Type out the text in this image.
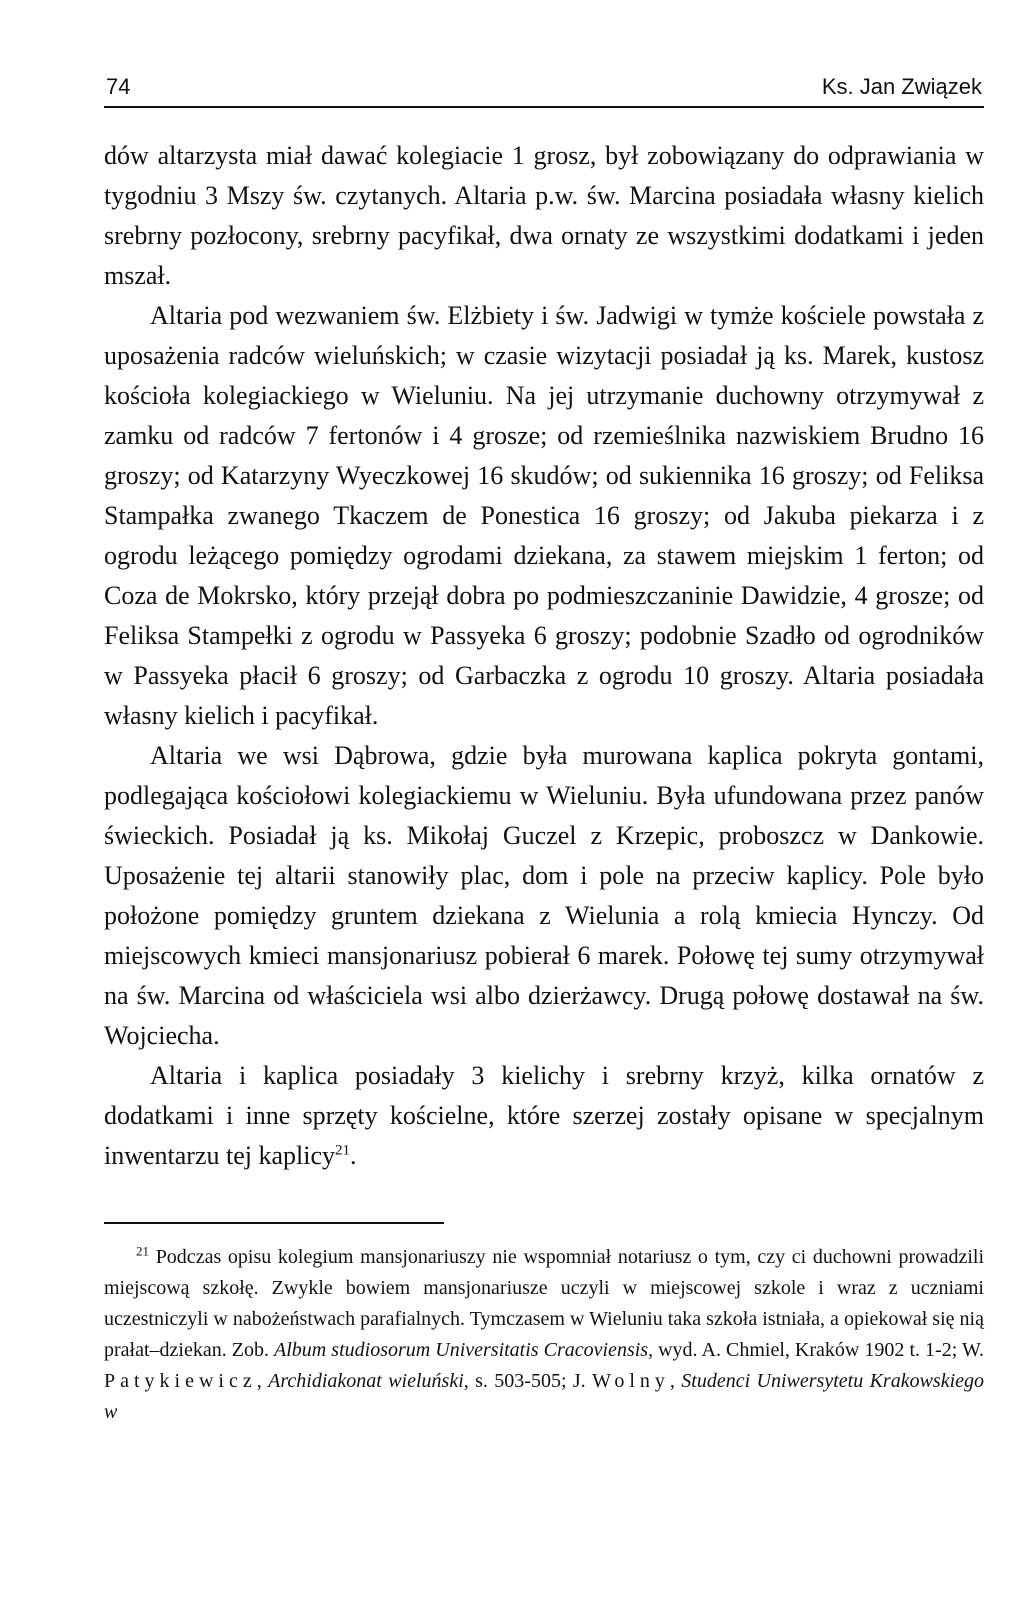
74	Ks. Jan Związek

dów altarzysta miał dawać kolegiacie 1 grosz, był zobowiązany do odprawiania w tygodniu 3 Mszy św. czytanych. Altaria p.w. św. Marcina posiadała własny kielich srebrny pozłocony, srebrny pacyfikał, dwa ornaty ze wszystkimi dodatkami i jeden mszał.

Altaria pod wezwaniem św. Elżbiety i św. Jadwigi w tymże kościele powstała z uposażenia radców wieluńskich; w czasie wizytacji posiadał ją ks. Marek, kustosz kościoła kolegiackiego w Wieluniu. Na jej utrzymanie duchowny otrzymywał z zamku od radców 7 fertonów i 4 grosze; od rzemieślnika nazwiskiem Brudno 16 groszy; od Katarzyny Wyeczkowej 16 skudów; od sukiennika 16 groszy; od Feliksa Stampałka zwanego Tkaczem de Ponestica 16 groszy; od Jakuba piekarza i z ogrodu leżącego pomiędzy ogrodami dziekana, za stawem miejskim 1 ferton; od Coza de Mokrsko, który przejął dobra po podmieszczaninie Dawidzie, 4 grosze; od Feliksa Stampełki z ogrodu w Passyeka 6 groszy; podobnie Szadło od ogrodników w Passyeka płacił 6 groszy; od Garbaczka z ogrodu 10 groszy. Altaria posiadała własny kielich i pacyfikał.

Altaria we wsi Dąbrowa, gdzie była murowana kaplica pokryta gontami, podlegająca kościołowi kolegiackiemu w Wieluniu. Była ufundowana przez panów świeckich. Posiadał ją ks. Mikołaj Guczel z Krzepic, proboszcz w Dankowie. Uposażenie tej altarii stanowiły plac, dom i pole na przeciw kaplicy. Pole było położone pomiędzy gruntem dziekana z Wielunia a rolą kmiecia Hynczy. Od miejscowych kmieci mansjonariusz pobierał 6 marek. Połowę tej sumy otrzymywał na św. Marcina od właściciela wsi albo dzierżawcy. Drugą połowę dostawał na św. Wojciecha.

Altaria i kaplica posiadały 3 kielichy i srebrny krzyż, kilka ornatów z dodatkami i inne sprzęty kościelne, które szerzej zostały opisane w specjalnym inwentarzu tej kaplicy$^{21}$.

$^{21}$ Podczas opisu kolegium mansjonariuszy nie wspomniał notariusz o tym, czy ci duchowni prowadzili miejscową szkołę. Zwykle bowiem mansjonariusze uczyli w miejscowej szkole i wraz z uczniami uczestniczyli w nabożeństwach parafialnych. Tymczasem w Wieluniu taka szkoła istniała, a opiekował się nią prałat–dziekan. Zob. Album studiosorum Universitatis Cracoviensis, wyd. A. Chmiel, Kraków 1902 t. 1-2; W. Patykiewicz, Archidiakonat wieluński, s. 503-505; J. Wolny, Studenci Uniwersytetu Krakowskiego w
